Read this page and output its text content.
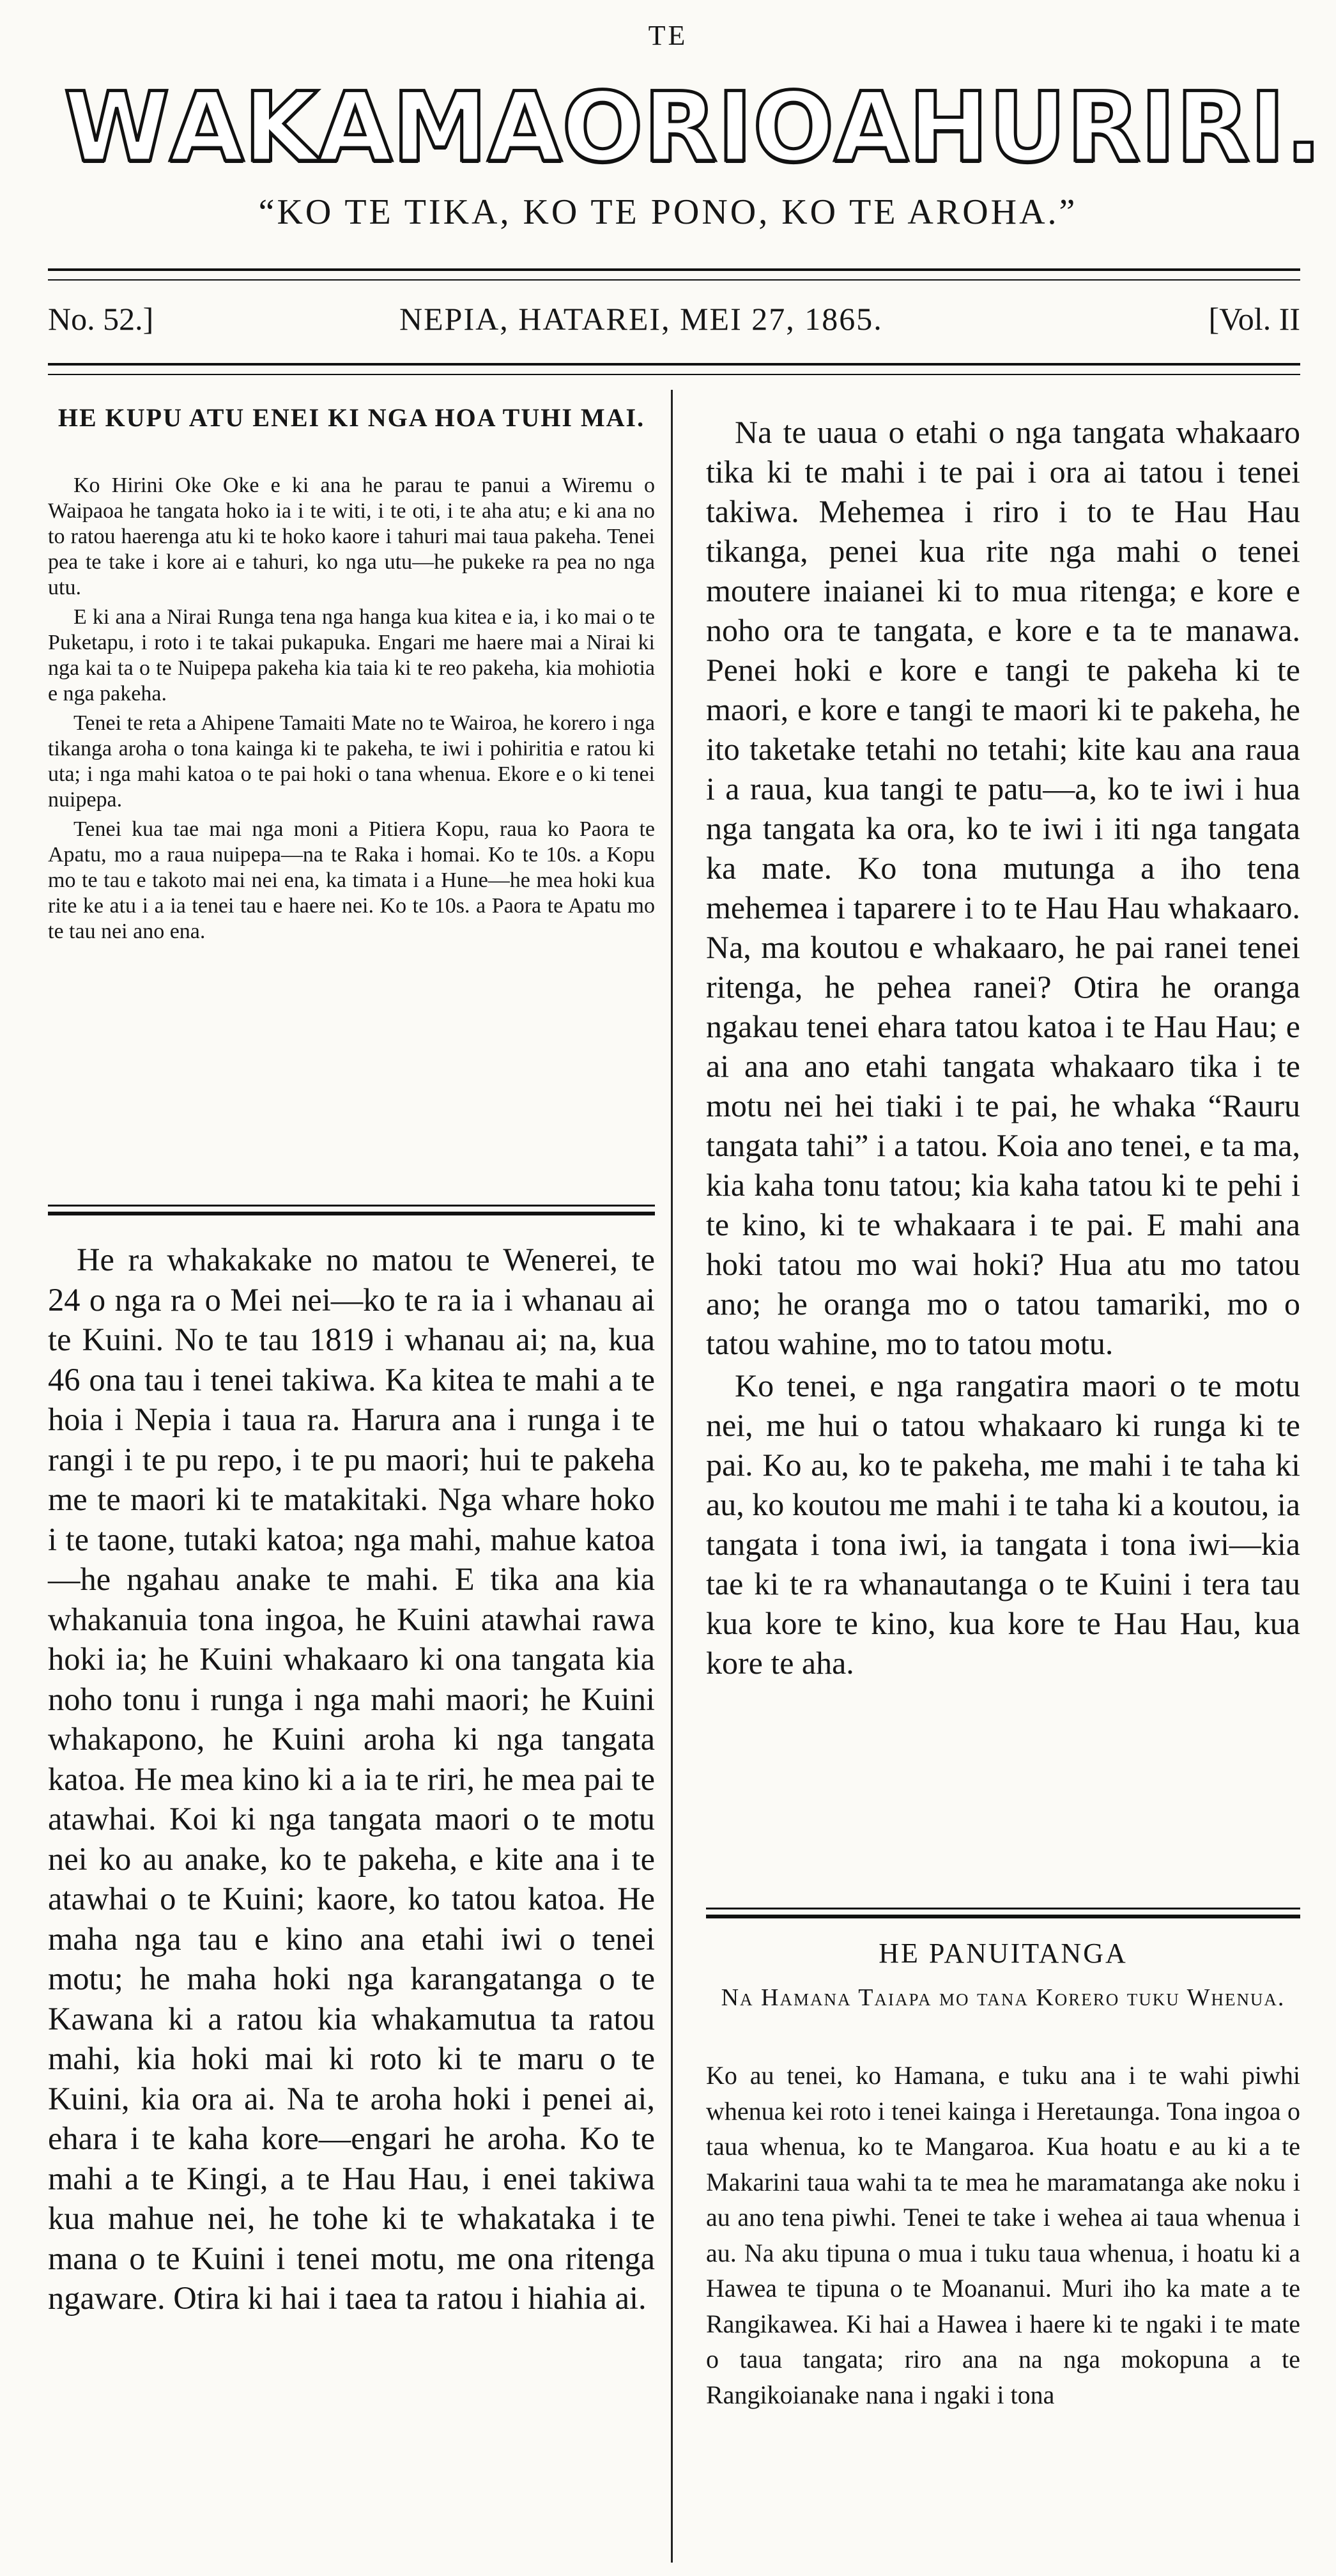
TE
W A K A M A O R I O A H U R I R I .
“KO TE TIKA, KO TE PONO, KO TE AROHA.”
No. 52.]	NEPIA, HATAREI, MEI 27, 1865.	[Vol. II
HE KUPU ATU ENEI KI NGA HOA TUHI MAI.

Ko Hirini Oke Oke e ki ana he parau te panui a Wiremu o Waipaoa he tangata hoko ia i te witi, i te oti, i te aha atu; e ki ana no to ratou haerenga atu ki te hoko kaore i tahuri mai taua pakeha. Tenei pea te take i kore ai e tahuri, ko nga utu—he pukeke ra pea no nga utu.

E ki ana a Nirai Runga tena nga hanga kua kitea e ia, i ko mai o te Puketapu, i roto i te takai pukapuka. Engari me haere mai a Nirai ki nga kai ta o te Nuipepa pakeha kia taia ki te reo pakeha, kia mohiotia e nga pakeha.

Tenei te reta a Ahipene Tamaiti Mate no te Wairoa, he korero i nga tikanga aroha o tona kainga ki te pakeha, te iwi i pohiritia e ratou ki uta; i nga mahi katoa o te pai hoki o tana whenua. Ekore e o ki tenei nuipepa.

Tenei kua tae mai nga moni a Pitiera Kopu, raua ko Paora te Apatu, mo a raua nuipepa—na te Raka i homai. Ko te 10s. a Kopu mo te tau e takoto mai nei ena, ka timata i a Hune—he mea hoki kua rite ke atu i a ia tenei tau e haere nei. Ko te 10s. a Paora te Apatu mo te tau nei ano ena.

He ra whakakake no matou te Wenerei, te 24 o nga ra o Mei nei—ko te ra ia i whanau ai te Kuini. No te tau 1819 i whanau ai; na, kua 46 ona tau i tenei takiwa. Ka kitea te mahi a te hoia i Nepia i taua ra. Harura ana i runga i te rangi i te pu repo, i te pu maori; hui te pakeha me te maori ki te matakitaki. Nga whare hoko i te taone, tutaki katoa; nga mahi, mahue katoa—he ngahau anake te mahi. E tika ana kia whakanuia tona ingoa, he Kuini atawhai rawa hoki ia; he Kuini whakaaro ki ona tangata kia noho tonu i runga i nga mahi maori; he Kuini whakapono, he Kuini aroha ki nga tangata katoa. He mea kino ki a ia te riri, he mea pai te atawhai. Koi ki nga tangata maori o te motu nei ko au anake, ko te pakeha, e kite ana i te atawhai o te Kuini; kaore, ko tatou katoa. He maha nga tau e kino ana etahi iwi o tenei motu; he maha hoki nga karangatanga o te Kawana ki a ratou kia whakamutua ta ratou mahi, kia hoki mai ki roto ki te maru o te Kuini, kia ora ai. Na te aroha hoki i penei ai, ehara i te kaha kore—engari he aroha. Ko te mahi a te Kingi, a te Hau Hau, i enei takiwa kua mahue nei, he tohe ki te whakataka i te mana o te Kuini i tenei motu, me ona ritenga ngaware. Otira ki hai i taea ta ratou i hiahia ai.

Na te uaua o etahi o nga tangata whakaaro tika ki te mahi i te pai i ora ai tatou i tenei takiwa. Mehemea i riro i to te Hau Hau tikanga, penei kua rite nga mahi o tenei moutere inaianei ki to mua ritenga; e kore e noho ora te tangata, e kore e ta te manawa. Penei hoki e kore e tangi te pakeha ki te maori, e kore e tangi te maori ki te pakeha, he ito taketake tetahi no tetahi; kite kau ana raua i a raua, kua tangi te patu—a, ko te iwi i hua nga tangata ka ora, ko te iwi i iti nga tangata ka mate. Ko tona mutunga a iho tena mehemea i taparere i to te Hau Hau whakaaro. Na, ma koutou e whakaaro, he pai ranei tenei ritenga, he pehea ranei? Otira he oranga ngakau tenei ehara tatou katoa i te Hau Hau; e ai ana ano etahi tangata whakaaro tika i te motu nei hei tiaki i te pai, he whaka “Rauru tangata tahi” i a tatou. Koia ano tenei, e ta ma, kia kaha tonu tatou; kia kaha tatou ki te pehi i te kino, ki te whakaara i te pai. E mahi ana hoki tatou mo wai hoki? Hua atu mo tatou ano; he oranga mo o tatou tamariki, mo o tatou wahine, mo to tatou motu.

Ko tenei, e nga rangatira maori o te motu nei, me hui o tatou whakaaro ki runga ki te pai. Ko au, ko te pakeha, me mahi i te taha ki au, ko koutou me mahi i te taha ki a koutou, ia tangata i tona iwi, ia tangata i tona iwi—kia tae ki te ra whanautanga o te Kuini i tera tau kua kore te kino, kua kore te Hau Hau, kua kore te aha.

HE PANUITANGA
Na Hamana Taiapa mo tana Korero tuku Whenua.

Ko au tenei, ko Hamana, e tuku ana i te wahi piwhi whenua kei roto i tenei kainga i Heretaunga. Tona ingoa o taua whenua, ko te Mangaroa. Kua hoatu e au ki a te Makarini taua wahi ta te mea he maramatanga ake noku i au ano tena piwhi. Tenei te take i wehea ai taua whenua i au. Na aku tipuna o mua i tuku taua whenua, i hoatu ki a Hawea te tipuna o te Moananui. Muri iho ka mate a te Rangikawea. Ki hai a Hawea i haere ki te ngaki i te mate o taua tangata; riro ana na nga mokopuna a te Rangikoianake nana i ngaki i tona
